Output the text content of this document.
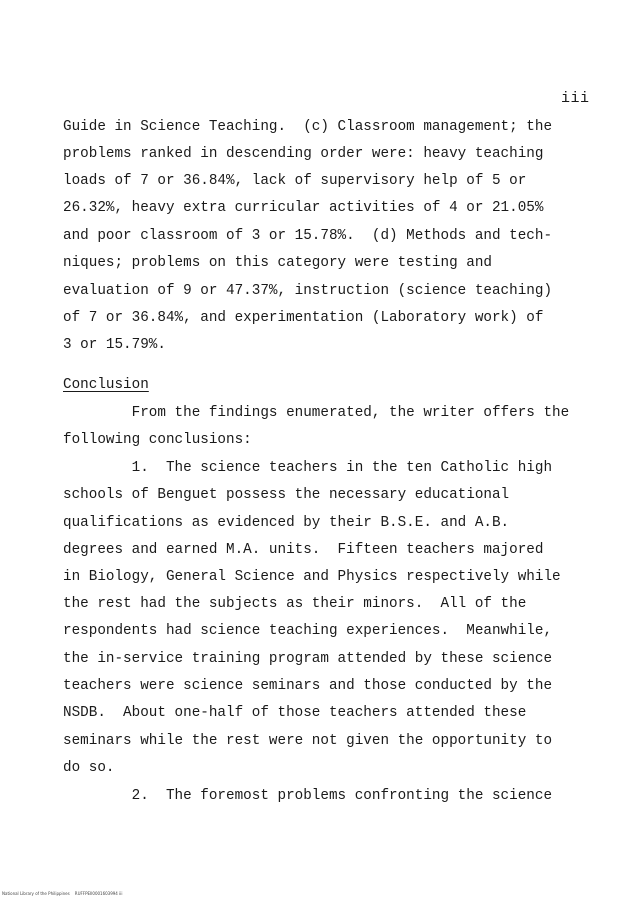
iii
Guide in Science Teaching.  (c) Classroom management; the
problems ranked in descending order were: heavy teaching
loads of 7 or 36.84%, lack of supervisory help of 5 or
26.32%, heavy extra curricular activities of 4 or 21.05%
and poor classroom of 3 or 15.78%.  (d) Methods and tech-
niques; problems on this category were testing and
evaluation of 9 or 47.37%, instruction (science teaching)
of 7 or 36.84%, and experimentation (Laboratory work) of
3 or 15.79%.
Conclusion
From the findings enumerated, the writer offers the
following conclusions:
1.  The science teachers in the ten Catholic high
schools of Benguet possess the necessary educational
qualifications as evidenced by their B.S.E. and A.B.
degrees and earned M.A. units.  Fifteen teachers majored
in Biology, General Science and Physics respectively while
the rest had the subjects as their minors.  All of the
respondents had science teaching experiences.  Meanwhile,
the in-service training program attended by these science
teachers were science seminars and those conducted by the
NSDB.  About one-half of those teachers attended these
seminars while the rest were not given the opportunity to
do so.
2.  The foremost problems confronting the science
National Library of the Philippines    RUFFPEII0001603994 iii
